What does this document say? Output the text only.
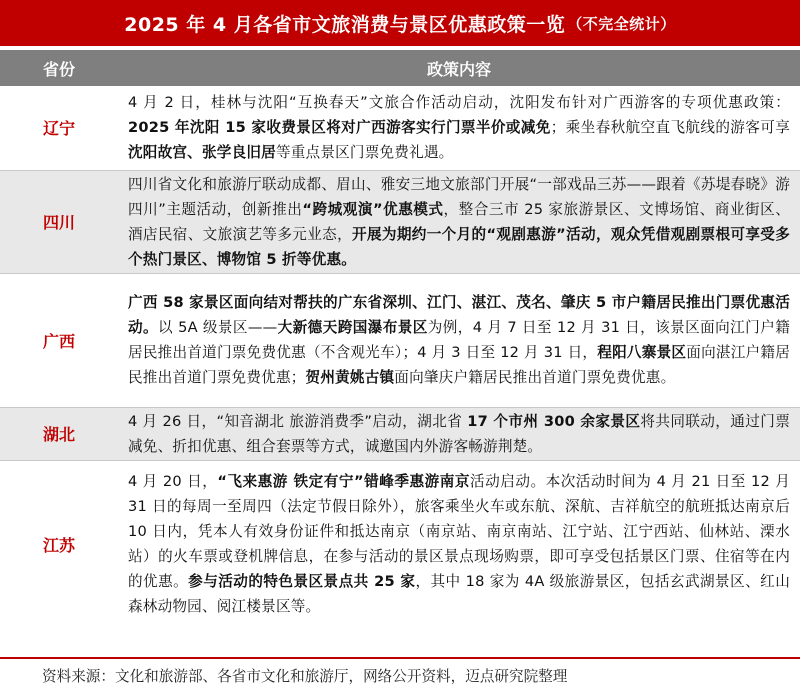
2025 年 4 月各省市文旅消费与景区优惠政策一览 （不完全统计）
省份	政策内容
辽宁	4 月 2 日，桂林与沈阳“互换春天”文旅合作活动启动，沈阳发布针对广西游客的专项优惠政策：2025 年沈阳 15 家收费景区将对广西游客实行门票半价或减免；乘坐春秋航空直飞航线的游客可享沈阳故宫、张学良旧居等重点景区门票免费礼遇。
四川	四川省文化和旅游厅联动成都、眉山、雅安三地文旅部门开展“一部戏品三苏——跟着《苏堤春晓》游四川”主题活动，创新推出“跨城观演”优惠模式，整合三市 25 家旅游景区、文博场馆、商业街区、酒店民宿、文旅演艺等多元业态，开展为期约一个月的“观剧惠游”活动，观众凭借观剧票根可享受多个热门景区、博物馆 5 折等优惠。
广西	广西 58 家景区面向结对帮扶的广东省深圳、江门、湛江、茂名、肇庆 5 市户籍居民推出门票优惠活动。以 5A 级景区——大新德天跨国瀑布景区为例，4 月 7 日至 12 月 31 日，该景区面向江门户籍居民推出首道门票免费优惠（不含观光车）；4 月 3 日至 12 月 31 日，程阳八寨景区面向湛江户籍居民推出首道门票免费优惠；贺州黄姚古镇面向肇庆户籍居民推出首道门票免费优惠。
湖北	4 月 26 日，“知音湖北 旅游消费季”启动，湖北省 17 个市州 300 余家景区将共同联动，通过门票减免、折扣优惠、组合套票等方式，诚邀国内外游客畅游荆楚。
江苏	4 月 20 日，“飞来惠游 铁定有宁”错峰季惠游南京活动启动。本次活动时间为 4 月 21 日至 12 月 31 日的每周一至周四（法定节假日除外），旅客乘坐火车或东航、深航、吉祥航空的航班抵达南京后 10 日内，凭本人有效身份证件和抵达南京（南京站、南京南站、江宁站、江宁西站、仙林站、溧水站）的火车票或登机牌信息，在参与活动的景区景点现场购票，即可享受包括景区门票、住宿等在内的优惠。参与活动的特色景区景点共 25 家，其中 18 家为 4A 级旅游景区，包括玄武湖景区、红山森林动物园、阅江楼景区等。
资料来源：文化和旅游部、各省市文化和旅游厅，网络公开资料，迈点研究院整理
